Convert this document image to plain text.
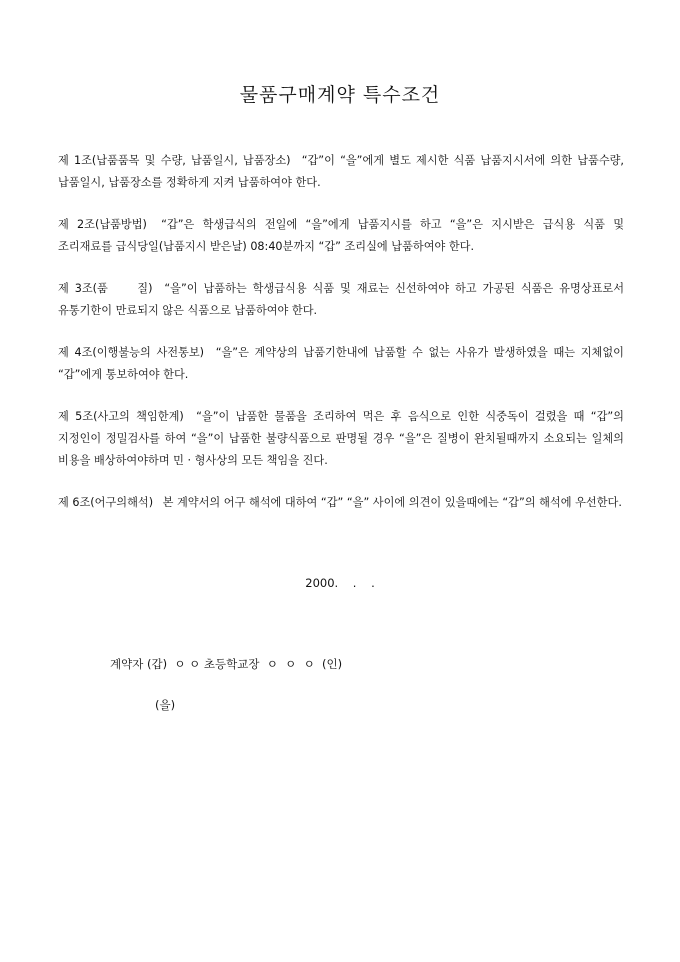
물품구매계약 특수조건

제 1조(납품품목 및 수량, 납품일시, 납품장소) “갑”이 “을”에게 별도 제시한 식품 납품지시서에 의한 납품수량, 납품일시, 납품장소를 정확하게 지켜 납품하여야 한다.

제 2조(납품방법) “갑”은 학생급식의 전일에 “을”에게 납품지시를 하고 “을”은 지시받은 급식용 식품 및 조리재료를 급식당일(납품지시 받은날) 08:40분까지 “갑” 조리실에 납품하여야 한다.

제 3조(품     질) “을”이 납품하는 학생급식용 식품 및 재료는 신선하여야 하고 가공된 식품은 유명상표로서 유통기한이 만료되지 않은 식품으로 납품하여야 한다.

제 4조(이행불능의 사전통보) “을”은 계약상의 납품기한내에 납품할 수 없는 사유가 발생하였을 때는 지체없이 “갑”에게 통보하여야 한다.

제 5조(사고의 책임한계) “을”이 납품한 물품을 조리하여 먹은 후 음식으로 인한 식중독이 걸렸을 때 “갑”의 지정인이 정밀검사를 하여 “을”이 납품한 불량식품으로 판명될 경우 “을”은 질병이 완치될때까지 소요되는 일체의 비용을 배상하여야하며 민 · 형사상의 모든 책임을 진다.

제 6조(어구의해석) 본 계약서의 어구 해석에 대하여 “갑” “을” 사이에 의견이 있을때에는 “갑”의 해석에 우선한다.

2000.    .    .
계약자 (갑)  ㅇ ㅇ 초등학교장  ㅇ  ㅇ  ㅇ  (인)
(을)
